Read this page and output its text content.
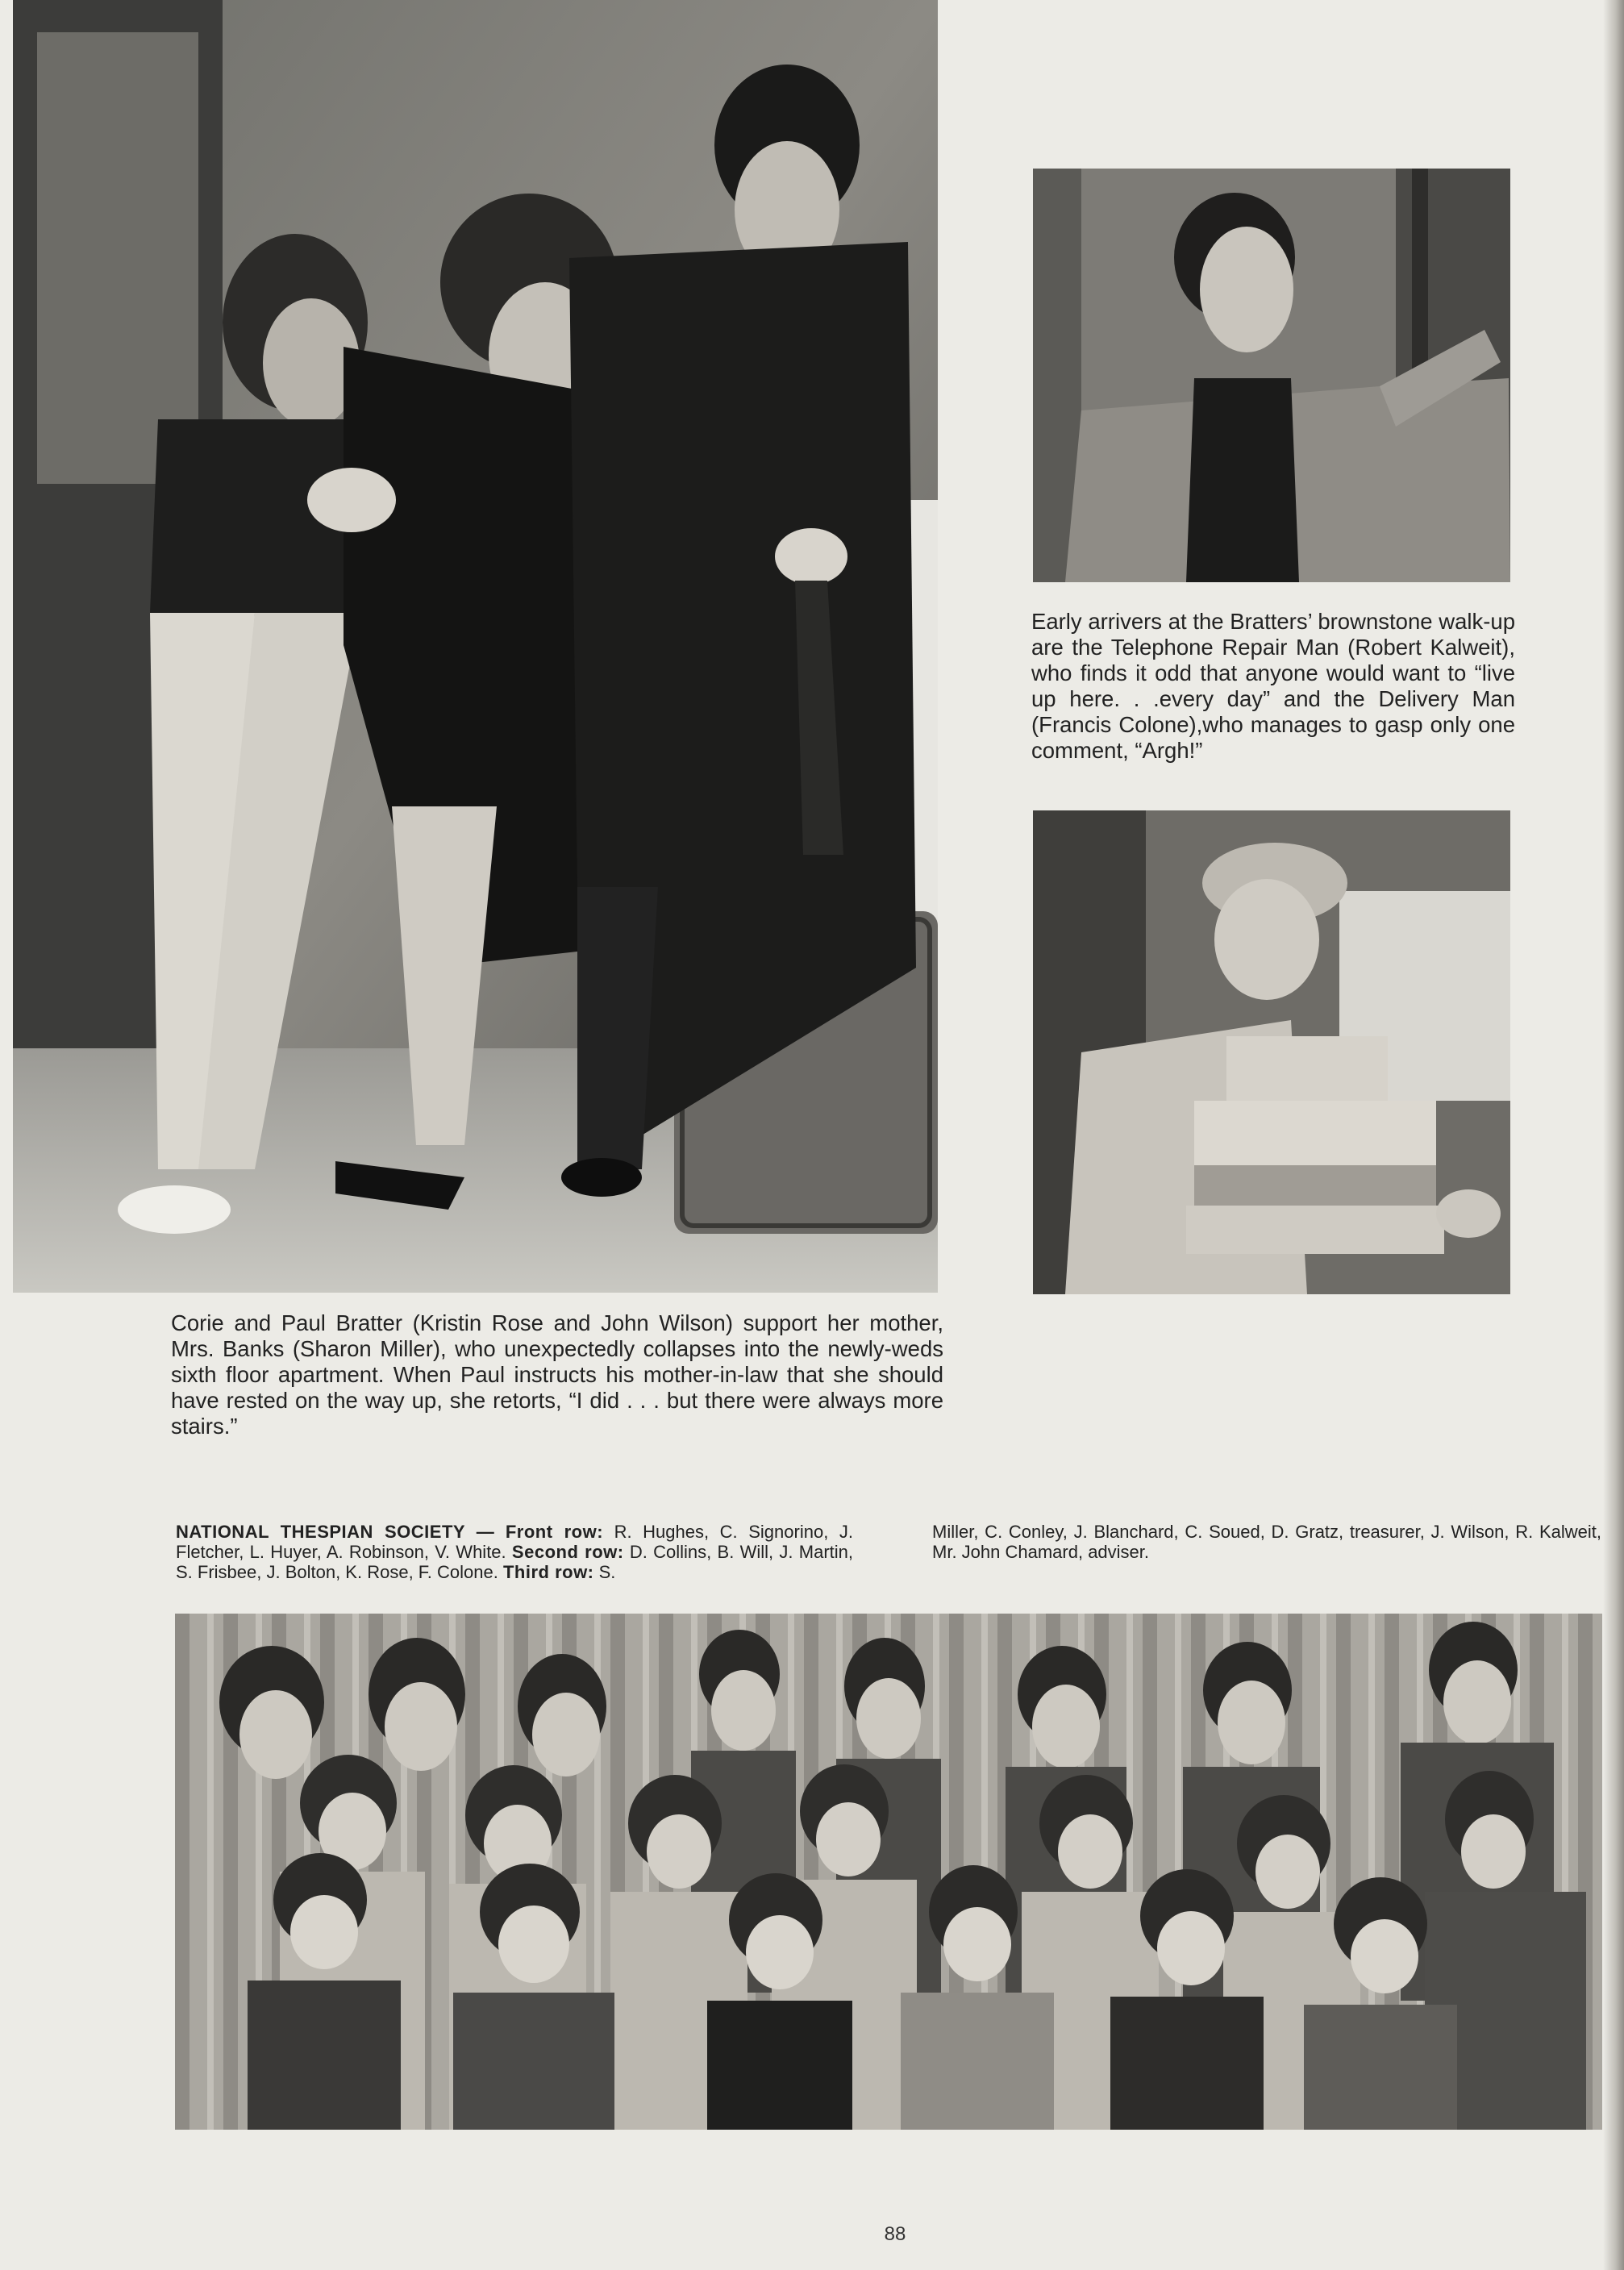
Corie and Paul Bratter (Kristin Rose and John Wilson) support her mother, Mrs. Banks (Sharon Miller), who unexpectedly collapses into the newly-weds sixth floor apartment. When Paul instructs his mother-in-law that she should have rested on the way up, she retorts, “I did . . . but there were always more stairs.”
Early arrivers at the Bratters’ brownstone walk-up are the Telephone Repair Man (Robert Kalweit), who finds it odd that anyone would want to “live up here. . .every day” and the Delivery Man (Francis Colone),who manages to gasp only one comment, “Argh!”
NATIONAL THESPIAN SOCIETY — Front row: R. Hughes, C. Signorino, J. Fletcher, L. Huyer, A. Robinson, V. White. Second row: D. Collins, B. Will, J. Martin, S. Frisbee, J. Bolton, K. Rose, F. Colone. Third row: S.
Miller, C. Conley, J. Blanchard, C. Soued, D. Gratz, treasurer, J. Wilson, R. Kalweit, Mr. John Chamard, adviser.
88
